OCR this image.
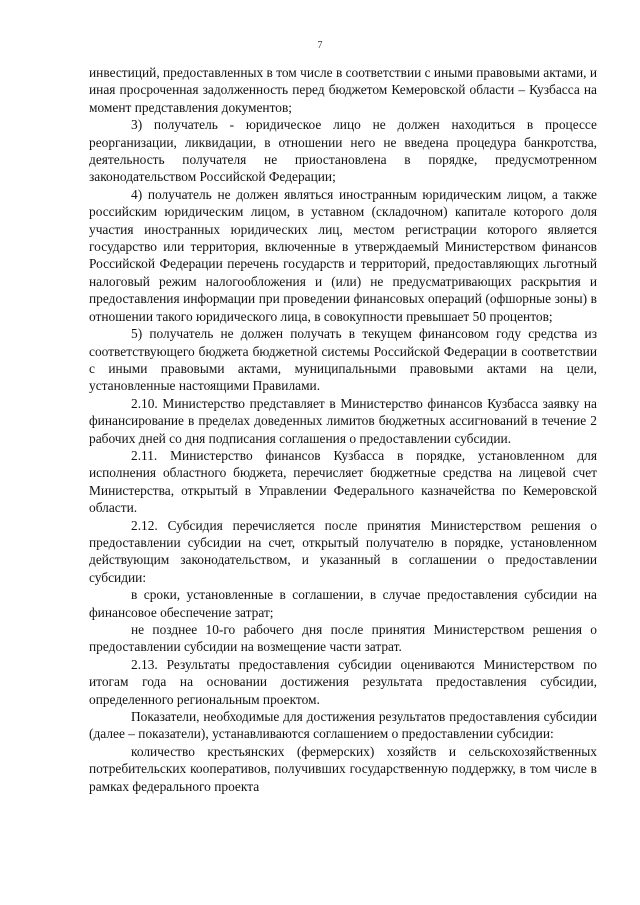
7

инвестиций, предоставленных в том числе в соответствии с иными правовыми актами, и иная просроченная задолженность перед бюджетом Кемеровской области – Кузбасса на момент представления документов;

3) получатель - юридическое лицо не должен находиться в процессе реорганизации, ликвидации, в отношении него не введена процедура банкротства, деятельность получателя не приостановлена в порядке, предусмотренном законодательством Российской Федерации;

4) получатель не должен являться иностранным юридическим лицом, а также российским юридическим лицом, в уставном (складочном) капитале которого доля участия иностранных юридических лиц, местом регистрации которого является государство или территория, включенные в утверждаемый Министерством финансов Российской Федерации перечень государств и территорий, предоставляющих льготный налоговый режим налогообложения и (или) не предусматривающих раскрытия и предоставления информации при проведении финансовых операций (офшорные зоны) в отношении такого юридического лица, в совокупности превышает 50 процентов;

5) получатель не должен получать в текущем финансовом году средства из соответствующего бюджета бюджетной системы Российской Федерации в соответствии с иными правовыми актами, муниципальными правовыми актами на цели, установленные настоящими Правилами.

2.10. Министерство представляет в Министерство финансов Кузбасса заявку на финансирование в пределах доведенных лимитов бюджетных ассигнований в течение 2 рабочих дней со дня подписания соглашения о предоставлении субсидии.

2.11. Министерство финансов Кузбасса в порядке, установленном для исполнения областного бюджета, перечисляет бюджетные средства на лицевой счет Министерства, открытый в Управлении Федерального казначейства по Кемеровской области.

2.12. Субсидия перечисляется после принятия Министерством решения о предоставлении субсидии на счет, открытый получателю в порядке, установленном действующим законодательством, и указанный в соглашении о предоставлении субсидии:

в сроки, установленные в соглашении, в случае предоставления субсидии на финансовое обеспечение затрат;

не позднее 10-го рабочего дня после принятия Министерством решения о предоставлении субсидии на возмещение части затрат.

2.13. Результаты предоставления субсидии оцениваются Министерством по итогам года на основании достижения результата предоставления субсидии, определенного региональным проектом.

Показатели, необходимые для достижения результатов предоставления субсидии (далее – показатели), устанавливаются соглашением о предоставлении субсидии:

количество крестьянских (фермерских) хозяйств и сельскохозяйственных потребительских кооперативов, получивших государственную поддержку, в том числе в рамках федерального проекта
